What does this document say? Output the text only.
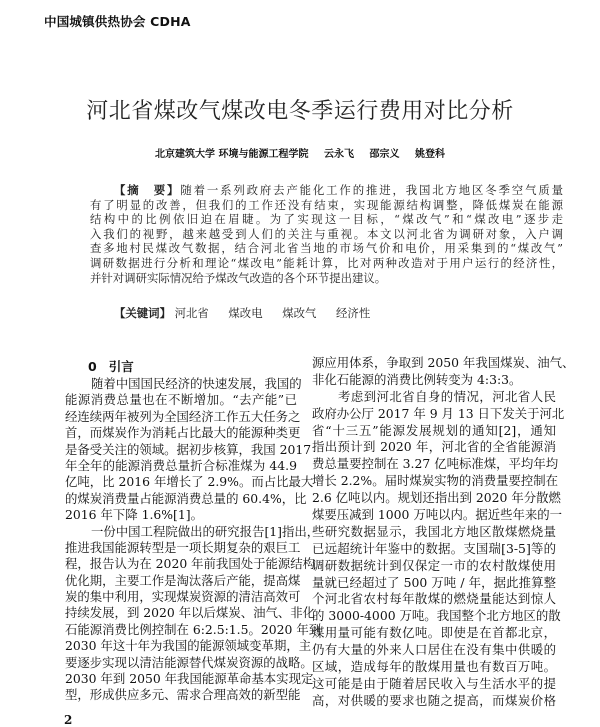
中国城镇供热协会 CDHA
河北省煤改气煤改电冬季运行费用对比分析
北京建筑大学 环境与能源工程学院 云永飞 邵宗义 姚登科
【摘　要】随着一系列政府去产能化工作的推进，我国北方地区冬季空气质量
有了明显的改善，但我们的工作还没有结束，实现能源结构调整，降低煤炭在能源
结构中的比例依旧迫在眉睫。为了实现这一目标，“煤改气”和“煤改电”逐步走
入我们的视野，越来越受到人们的关注与重视。本文以河北省为调研对象，入户调
查多地村民煤改气数据，结合河北省当地的市场气价和电价，用采集到的“煤改气”
调研数据进行分析和理论“煤改电”能耗计算，比对两种改造对于用户运行的经济性，
并针对调研实际情况给予煤改气改造的各个环节提出建议。
【关键词】 河北省 煤改电 煤改气 经济性
0 引言
随着中国国民经济的快速发展，我国的
能源消费总量也在不断增加。“去产能”已
经连续两年被列为全国经济工作五大任务之
首，而煤炭作为消耗占比最大的能源种类更
是备受关注的领域。据初步核算，我国 2017
年全年的能源消费总量折合标准煤为 44.9
亿吨，比 2016 年增长了 2.9%。而占比最大
的煤炭消费量占能源消费总量的 60.4%，比
2016 年下降 1.6%[1]。
一份中国工程院做出的研究报告[1]指出，
推进我国能源转型是一项长期复杂的艰巨工
程，报告认为在 2020 年前我国处于能源结构
优化期，主要工作是淘汰落后产能，提高煤
炭的集中利用，实现煤炭资源的清洁高效可
持续发展，到 2020 年以后煤炭、油气、非化
石能源消费比例控制在 6:2.5:1.5。2020 年到
2030 年这十年为我国的能源领域变革期，主
要逐步实现以清洁能源替代煤炭资源的战略。
2030 年到 2050 年我国能源革命基本实现定
型，形成供应多元、需求合理高效的新型能
源应用体系，争取到 2050 年我国煤炭、油气、
非化石能源的消费比例转变为 4:3:3。
考虑到河北省自身的情况，河北省人民
政府办公厅 2017 年 9 月 13 日下发关于河北
省“十三五”能源发展规划的通知[2]，通知
指出预计到 2020 年，河北省的全省能源消
费总量要控制在 3.27 亿吨标准煤，平均年均
增长 2.2%。届时煤炭实物的消费量要控制在
2.6 亿吨以内。规划还指出到 2020 年分散燃
煤要压减到 1000 万吨以内。据近些年来的一
些研究数据显示，我国北方地区散煤燃烧量
已远超统计年鉴中的数据。支国瑞[3-5]等的
调研数据统计到仅保定一市的农村散煤使用
量就已经超过了 500 万吨 / 年，据此推算整
个河北省农村每年散煤的燃烧量能达到惊人
的 3000-4000 万吨。我国整个北方地区的散
煤用量可能有数亿吨。即使是在首都北京，
仍有大量的外来人口居住在没有集中供暖的
区域，造成每年的散煤用量也有数百万吨。
这可能是由于随着居民收入与生活水平的提
高，对供暖的要求也随之提高，而煤炭价格
2
